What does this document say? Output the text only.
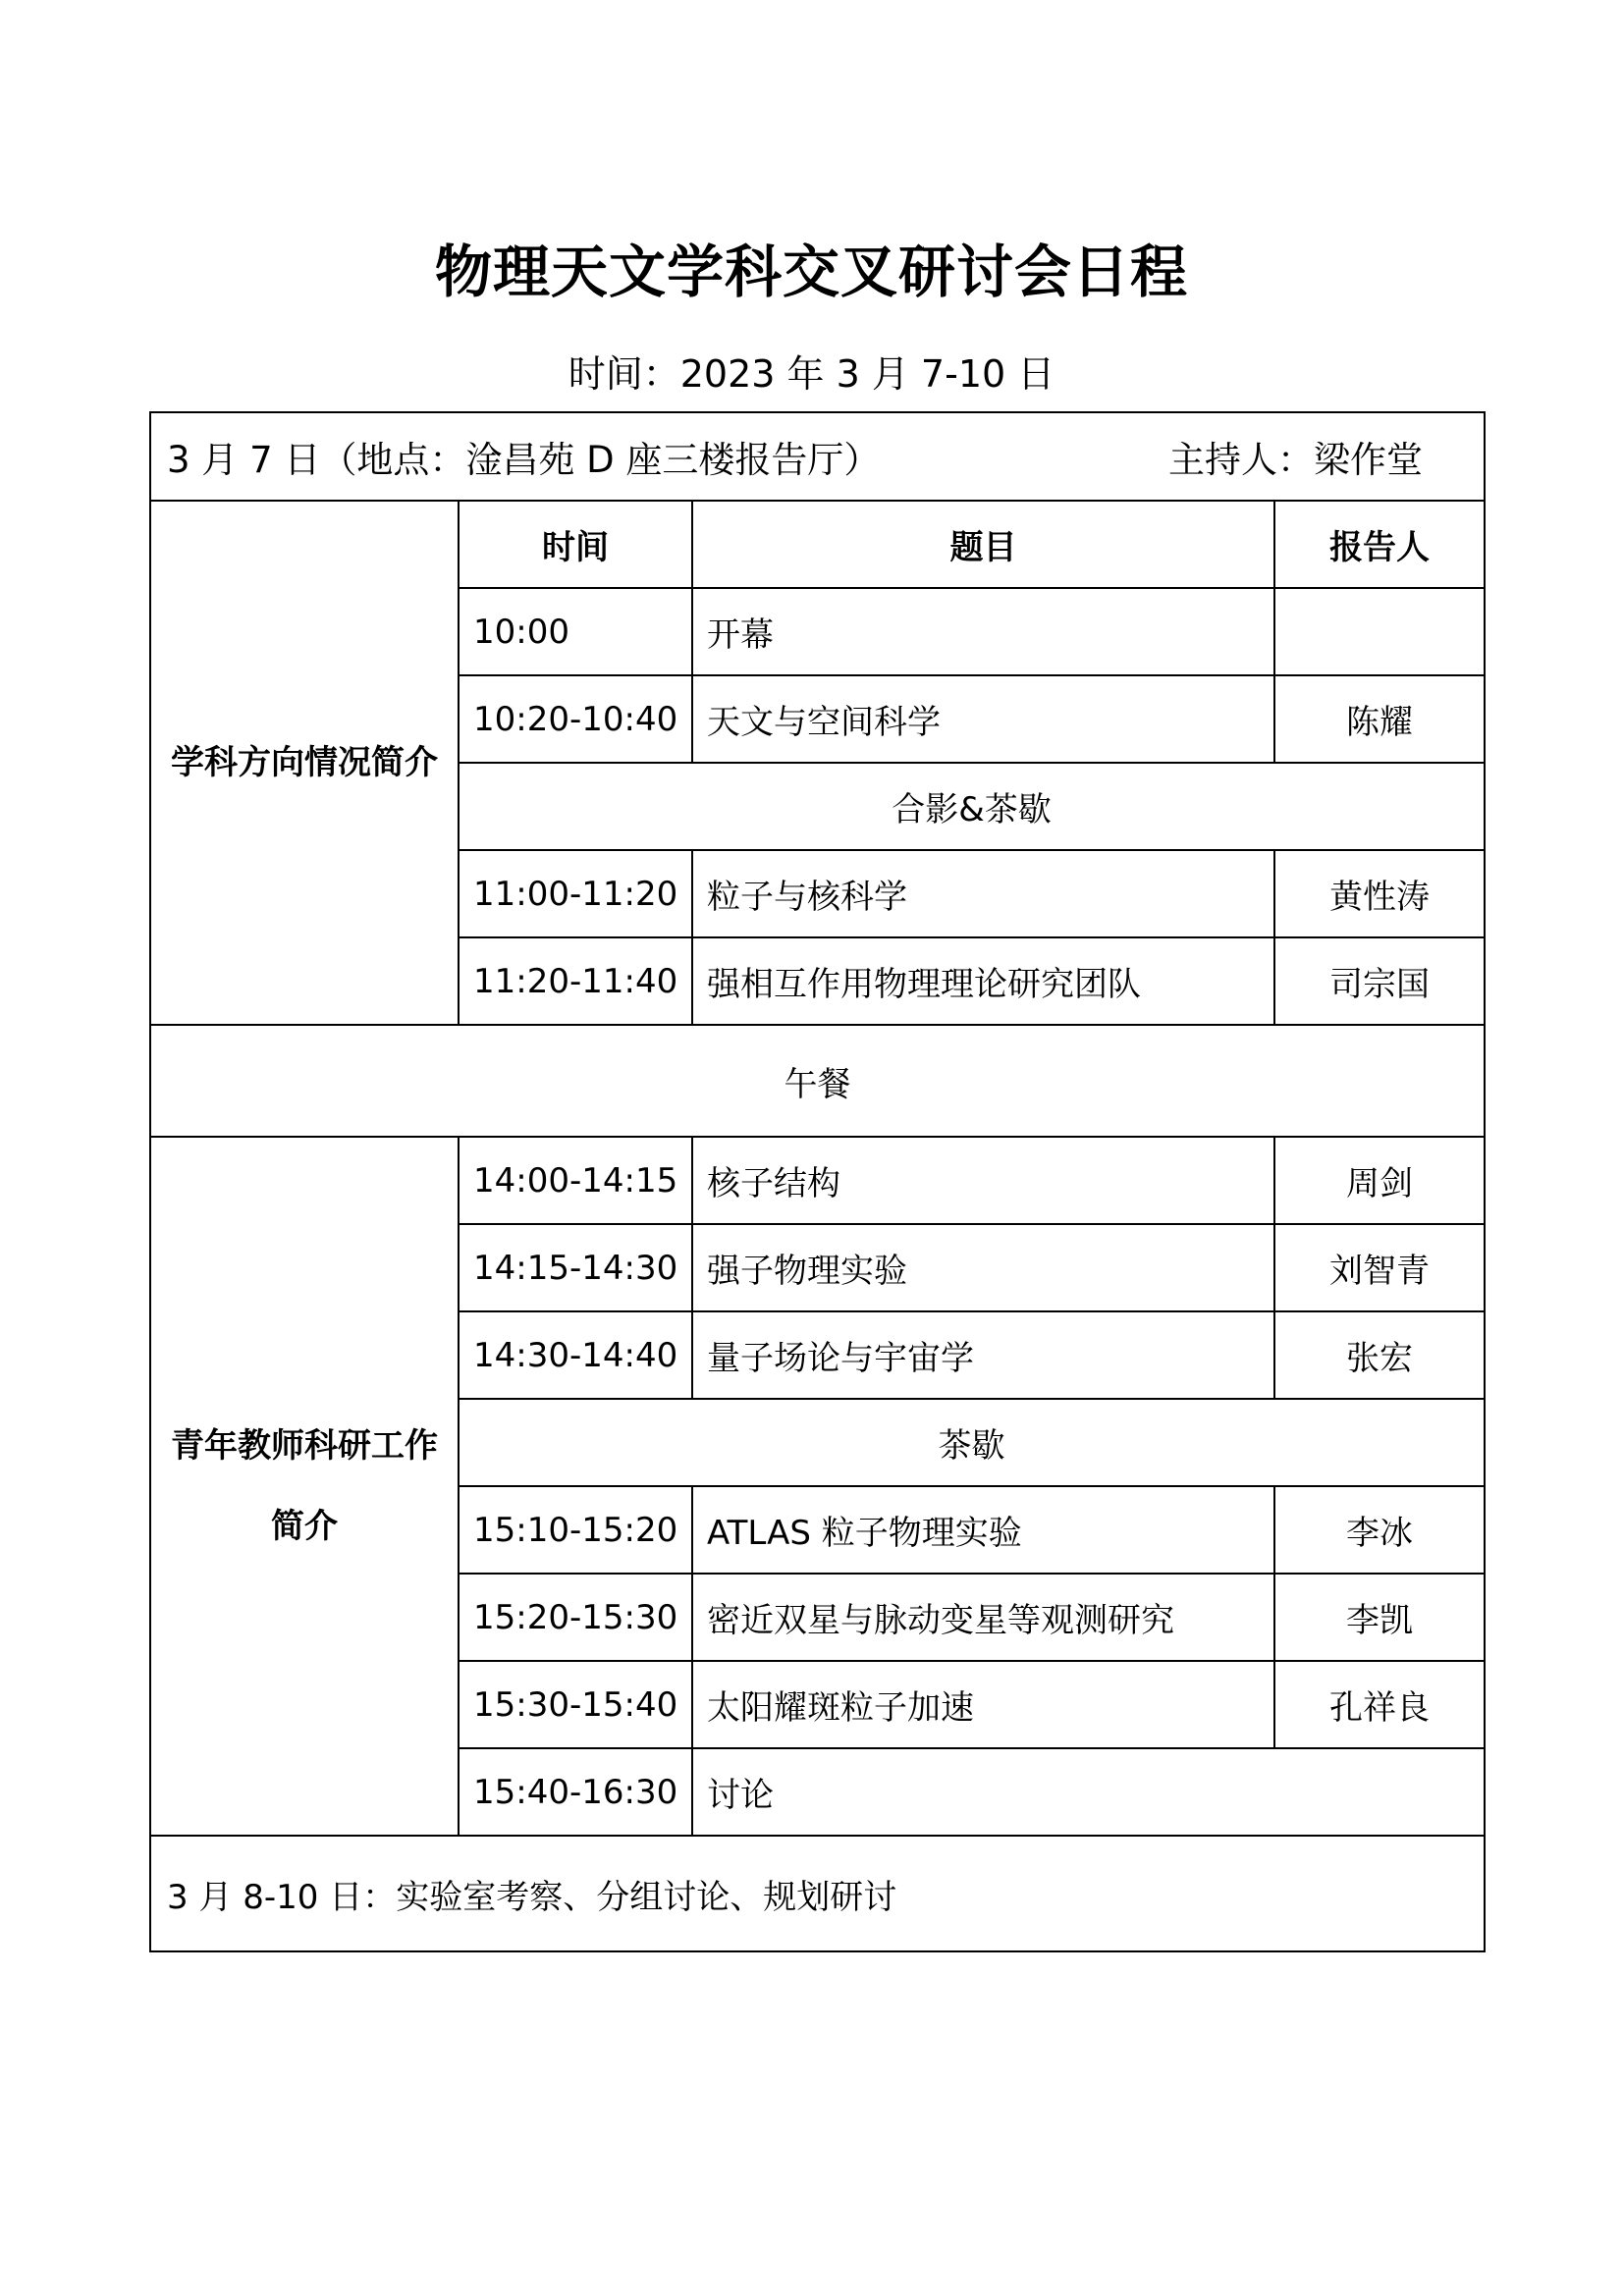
物理天文学科交叉研讨会日程
时间：2023 年 3 月 7-10 日
3 月 7 日（地点：淦昌苑 D 座三楼报告厅） 主持人：梁作堂			

学科方向情况简介	时间	题目	报告人
	10:00	开幕	
	10:20-10:40	天文与空间科学	陈耀
	合影&茶歇		
	11:00-11:20	粒子与核科学	黄性涛
	11:20-11:40	强相互作用物理理论研究团队	司宗国
午餐			

青年教师科研工作
简介	14:00-14:15	核子结构	周剑
	14:15-14:30	强子物理实验	刘智青
	14:30-14:40	量子场论与宇宙学	张宏
	茶歇		
	15:10-15:20	ATLAS 粒子物理实验	李冰
	15:20-15:30	密近双星与脉动变星等观测研究	李凯
	15:30-15:40	太阳耀斑粒子加速	孔祥良
	15:40-16:30	讨论	
3 月 8-10 日：实验室考察、分组讨论、规划研讨			
